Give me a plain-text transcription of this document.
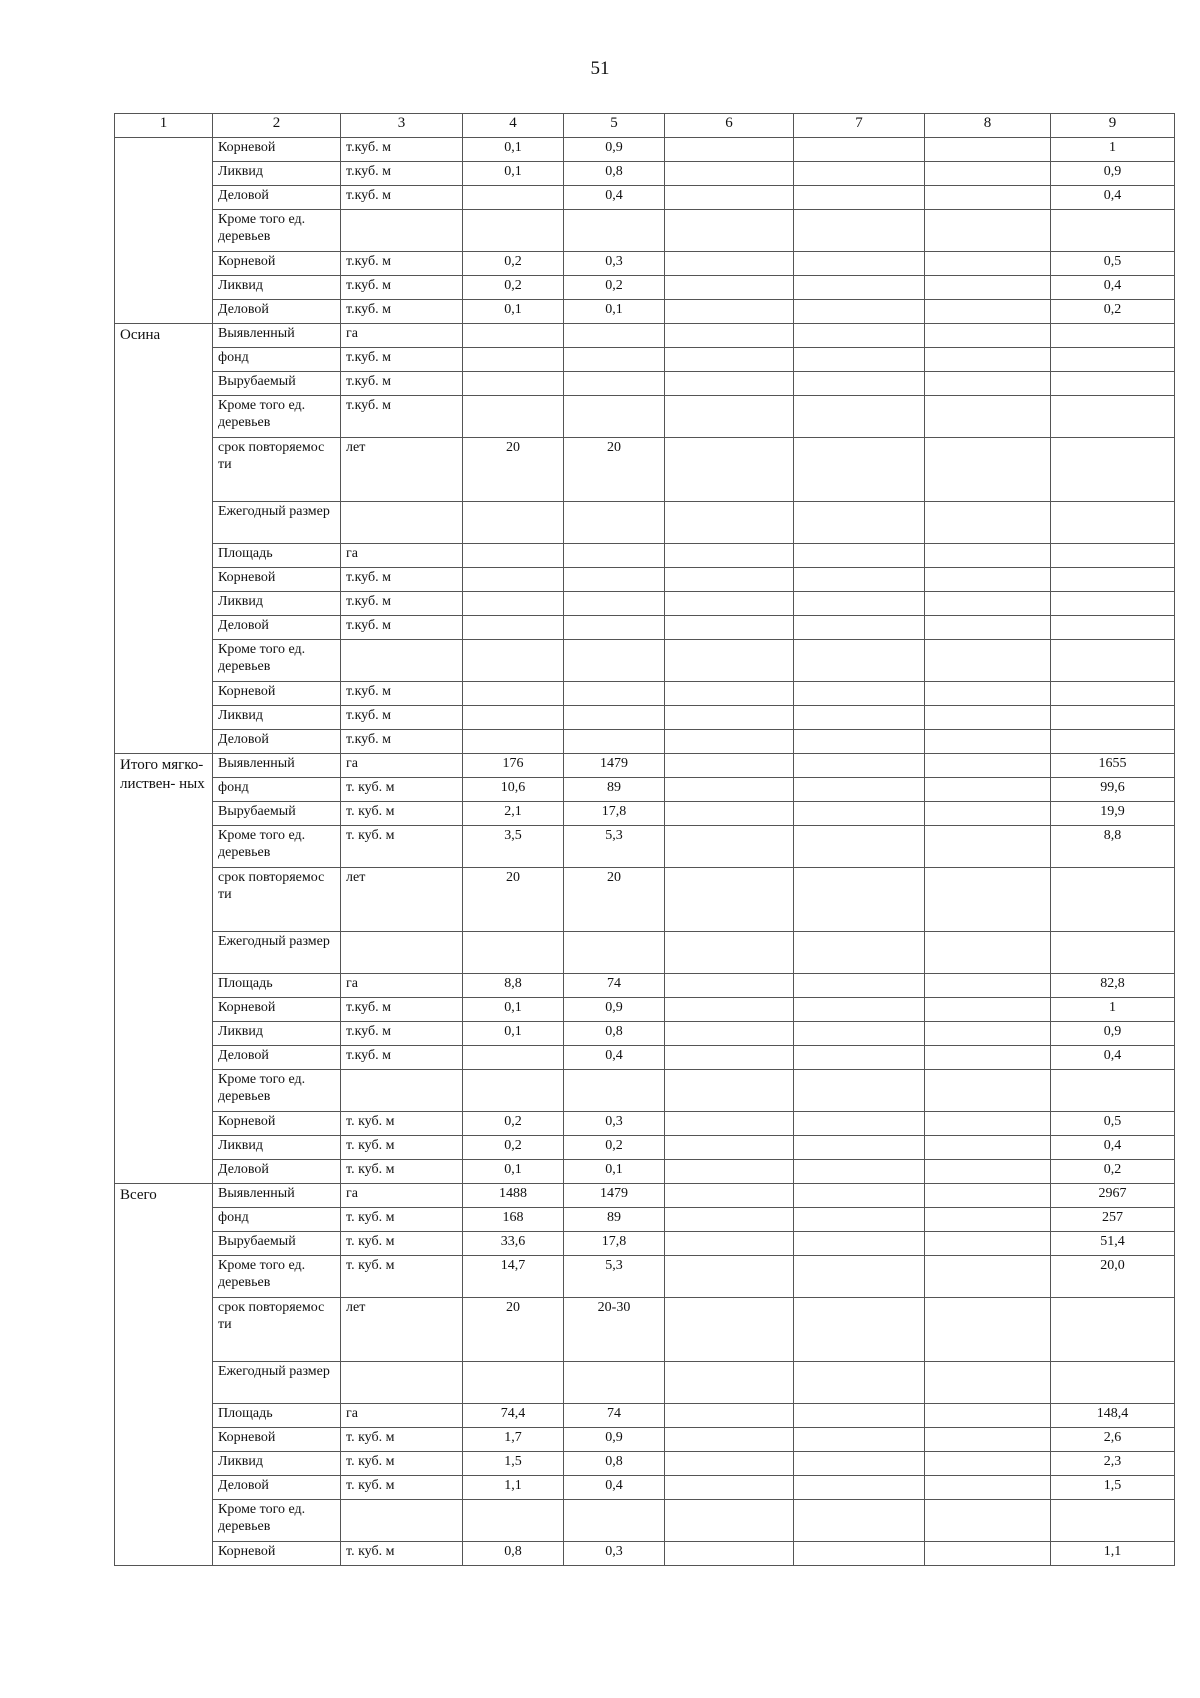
51
1	2	3	4	5	6	7	8	9
	Корневой	т.куб. м	0,1	0,9				1
	Ликвид	т.куб. м	0,1	0,8				0,9
	Деловой	т.куб. м		0,4				0,4
	Кроме того ед. деревьев							
	Корневой	т.куб. м	0,2	0,3				0,5
	Ликвид	т.куб. м	0,2	0,2				0,4
	Деловой	т.куб. м	0,1	0,1				0,2
Осина	Выявленный	га						
	фонд	т.куб. м						
	Вырубаемый	т.куб. м						
	Кроме того ед. деревьев	т.куб. м						
	срок повторяемос ти	лет	20	20				
	Ежегодный размер							
	Площадь	га						
	Корневой	т.куб. м						
	Ликвид	т.куб. м						
	Деловой	т.куб. м						
	Кроме того ед. деревьев							
	Корневой	т.куб. м						
	Ликвид	т.куб. м						
	Деловой	т.куб. м						
Итого мягко- листвен- ных	Выявленный	га	176	1479				1655
	фонд	т. куб. м	10,6	89				99,6
	Вырубаемый	т. куб. м	2,1	17,8				19,9
	Кроме того ед. деревьев	т. куб. м	3,5	5,3				8,8
	срок повторяемос ти	лет	20	20				
	Ежегодный размер							
	Площадь	га	8,8	74				82,8
	Корневой	т.куб. м	0,1	0,9				1
	Ликвид	т.куб. м	0,1	0,8				0,9
	Деловой	т.куб. м		0,4				0,4
	Кроме того ед. деревьев							
	Корневой	т. куб. м	0,2	0,3				0,5
	Ликвид	т. куб. м	0,2	0,2				0,4
	Деловой	т. куб. м	0,1	0,1				0,2
Всего	Выявленный	га	1488	1479				2967
	фонд	т. куб. м	168	89				257
	Вырубаемый	т. куб. м	33,6	17,8				51,4
	Кроме того ед. деревьев	т. куб. м	14,7	5,3				20,0
	срок повторяемос ти	лет	20	20-30				
	Ежегодный размер							
	Площадь	га	74,4	74				148,4
	Корневой	т. куб. м	1,7	0,9				2,6
	Ликвид	т. куб. м	1,5	0,8				2,3
	Деловой	т. куб. м	1,1	0,4				1,5
	Кроме того ед. деревьев							
	Корневой	т. куб. м	0,8	0,3				1,1
